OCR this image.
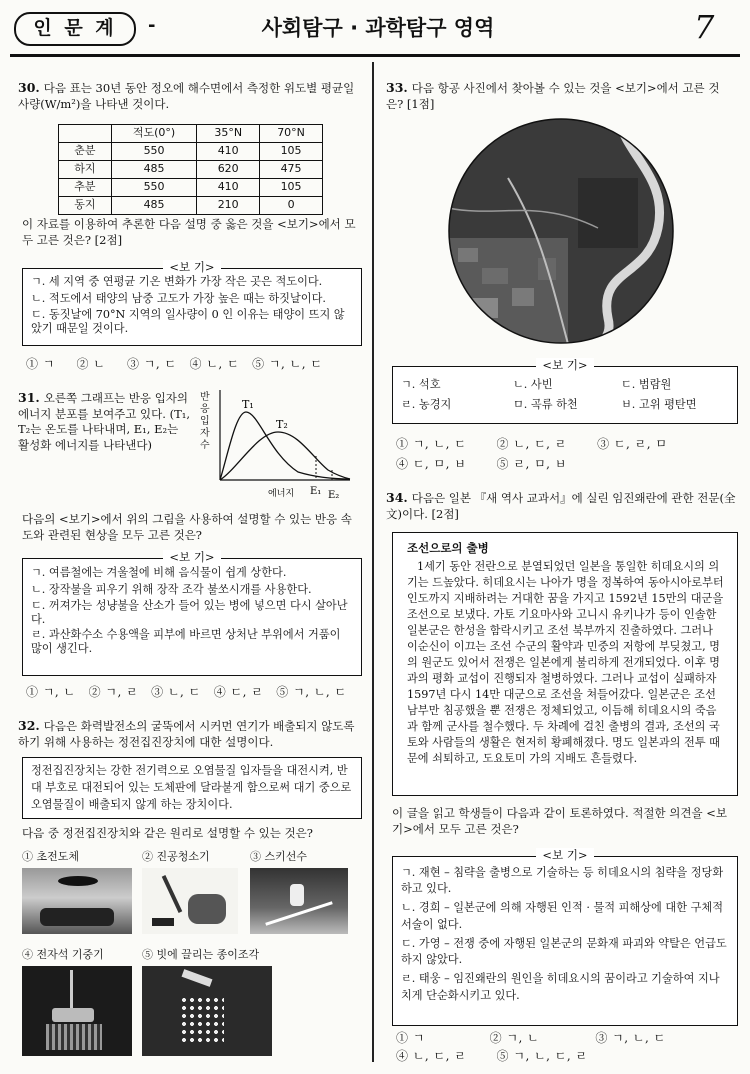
인 문 계	-	사회탐구 · 과학탐구 영역	7
30. 다음 표는 30년 동안 정오에 해수면에서 측정한 위도별 평균일사량(W/m²)을 나타낸 것이다.
	적도(0°)	35°N	70°N
춘분	550	410	105
하지	485	620	475
추분	550	410	105
동지	485	210	0
이 자료를 이용하여 추론한 다음 설명 중 옳은 것을 <보기>에서 모두 고른 것은? [2점]
<보 기>
ㄱ. 세 지역 중 연평균 기온 변화가 가장 작은 곳은 적도이다.
ㄴ. 적도에서 태양의 남중 고도가 가장 높은 때는 하짓날이다.
ㄷ. 동짓날에 70°N 지역의 일사량이 0 인 이유는 태양이 뜨지 않았기 때문일 것이다.
① ㄱ     ② ㄴ     ③ ㄱ, ㄷ   ④ ㄴ, ㄷ   ⑤ ㄱ, ㄴ, ㄷ
31. 오른쪽 그래프는 반응 입자의 에너지 분포를 보여주고 있다. (T₁, T₂는 온도를 나타내며, E₁, E₂는 활성화 에너지를 나타낸다)
T₁
T₂
에너지 E₁ E₂
반응입자수
다음의 <보기>에서 위의 그림을 사용하여 설명할 수 있는 반응 속도와 관련된 현상을 모두 고른 것은?
<보 기>
ㄱ. 여름철에는 겨울철에 비해 음식물이 쉽게 상한다.
ㄴ. 장작불을 피우기 위해 장작 조각 불쏘시개를 사용한다.
ㄷ. 꺼져가는 성냥불을 산소가 들어 있는 병에 넣으면 다시 살아난다.
ㄹ. 과산화수소 수용액을 피부에 바르면 상처난 부위에서 거품이 많이 생긴다.
① ㄱ, ㄴ   ② ㄱ, ㄹ   ③ ㄴ, ㄷ   ④ ㄷ, ㄹ   ⑤ ㄱ, ㄴ, ㄷ
32. 다음은 화력발전소의 굴뚝에서 시커먼 연기가 배출되지 않도록 하기 위해 사용하는 정전집진장치에 대한 설명이다.
정전집진장치는 강한 전기력으로 오염물질 입자들을 대전시켜, 반대 부호로 대전되어 있는 도체판에 달라붙게 함으로써 대기 중으로 오염물질이 배출되지 않게 하는 장치이다.
다음 중 정전집진장치와 같은 원리로 설명할 수 있는 것은?
① 초전도체	② 진공청소기	③ 스키선수
④ 전자석 기중기	⑤ 빗에 끌리는 종이조각
33. 다음 항공 사진에서 찾아볼 수 있는 것을 <보기>에서 고른 것은? [1점]
<보 기>
ㄱ. 석호	ㄴ. 사빈	ㄷ. 범람원
ㄹ. 농경지	ㅁ. 곡류 하천	ㅂ. 고위 평탄면
① ㄱ, ㄴ, ㄷ       ② ㄴ, ㄷ, ㄹ       ③ ㄷ, ㄹ, ㅁ
④ ㄷ, ㅁ, ㅂ       ⑤ ㄹ, ㅁ, ㅂ
34. 다음은 일본 『새 역사 교과서』에 실린 임진왜란에 관한 전문(全文)이다. [2점]
조선으로의 출병
1세기 동안 전란으로 분열되었던 일본을 통일한 히데요시의 의기는 드높았다. 히데요시는 나아가 명을 정복하여 동아시아로부터 인도까지 지배하려는 거대한 꿈을 가지고 1592년 15만의 대군을 조선으로 보냈다. 가토 기요마사와 고니시 유키나가 등이 인솔한 일본군은 한성을 함락시키고 조선 북부까지 진출하였다. 그러나 이순신이 이끄는 조선 수군의 활약과 민중의 저항에 부딪쳤고, 명의 원군도 있어서 전쟁은 일본에게 불리하게 전개되었다. 이후 명과의 평화 교섭이 진행되자 철병하였다. 그러나 교섭이 실패하자 1597년 다시 14만 대군으로 조선을 쳐들어갔다. 일본군은 조선 남부만 침공했을 뿐 전쟁은 정체되었고, 이듬해 히데요시의 죽음과 함께 군사를 철수했다. 두 차례에 걸친 출병의 결과, 조선의 국토와 사람들의 생활은 현저히 황폐해졌다. 명도 일본과의 전투 때문에 쇠퇴하고, 도요토미 가의 지배도 흔들렸다.
이 글을 읽고 학생들이 다음과 같이 토론하였다. 적절한 의견을 <보기>에서 모두 고른 것은?
<보 기>
ㄱ. 재현 – 침략을 출병으로 기술하는 등 히데요시의 침략을 정당화하고 있다.
ㄴ. 경희 – 일본군에 의해 자행된 인적 · 물적 피해상에 대한 구체적 서술이 없다.
ㄷ. 가영 – 전쟁 중에 자행된 일본군의 문화재 파괴와 약탈은 언급도 하지 않았다.
ㄹ. 태웅 – 임진왜란의 원인을 히데요시의 꿈이라고 기술하여 지나치게 단순화시키고 있다.
① ㄱ               ② ㄱ, ㄴ             ③ ㄱ, ㄴ, ㄷ
④ ㄴ, ㄷ, ㄹ       ⑤ ㄱ, ㄴ, ㄷ, ㄹ
